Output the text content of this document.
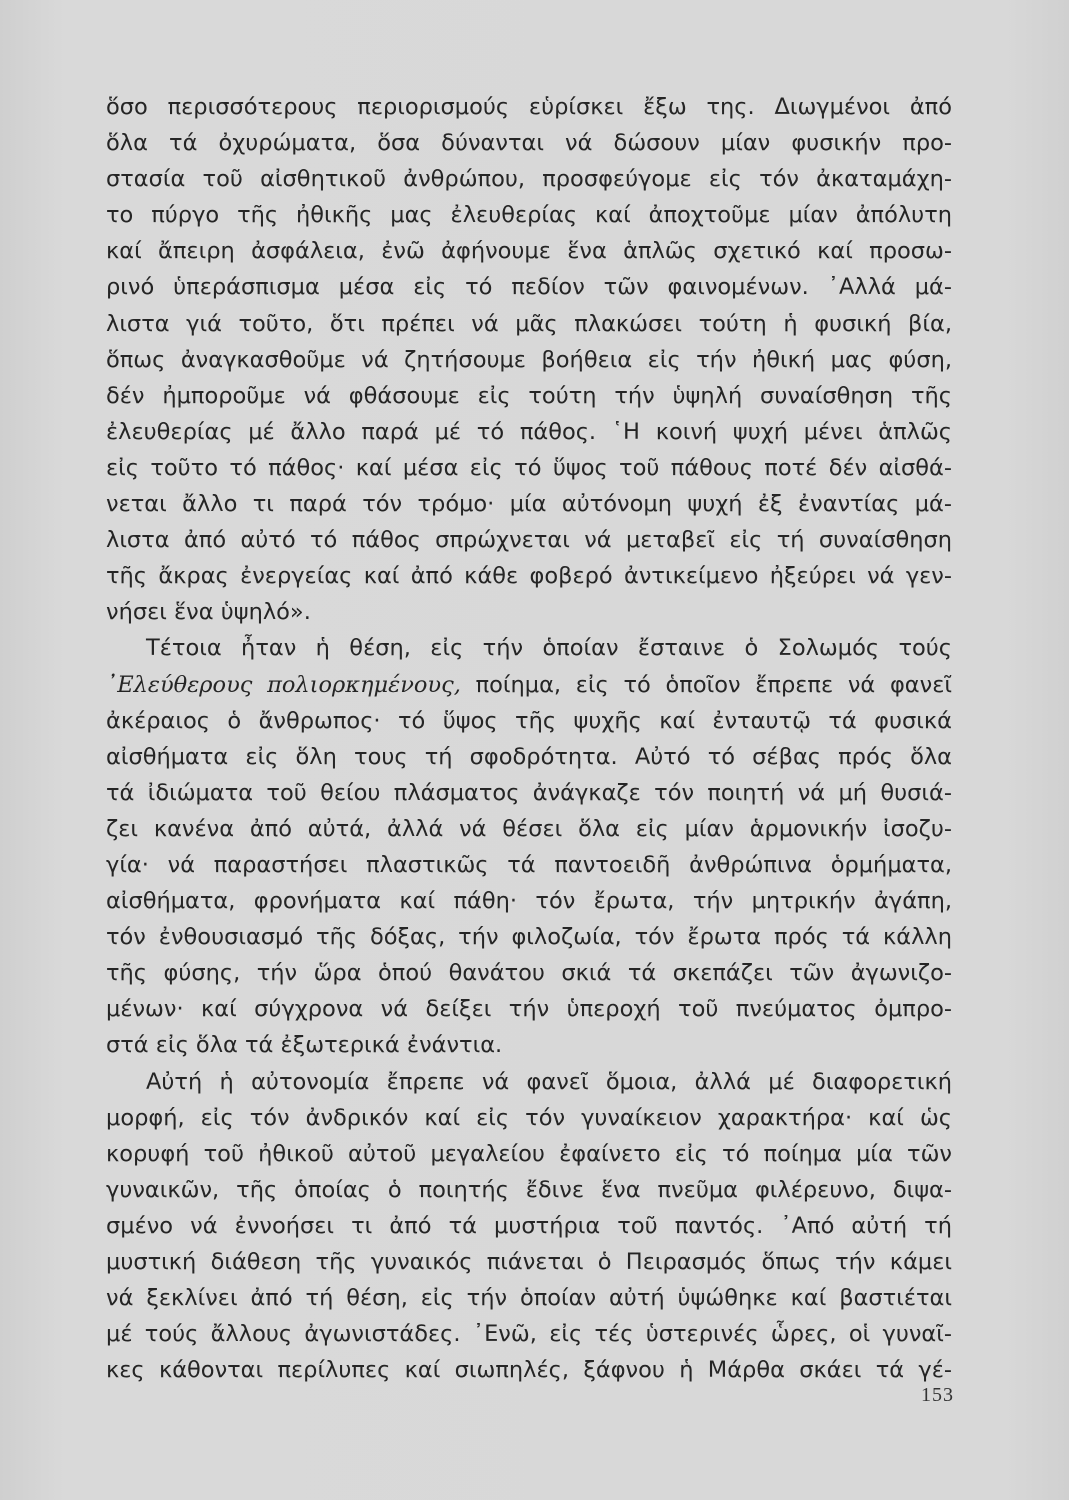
ὅσο περισσότερους περιορισμούς εὑρίσκει ἔξω της. Διωγμένοι ἀπό
ὅλα τά ὀχυρώματα, ὅσα δύνανται νά δώσουν μίαν φυσικήν προ-
στασία τοῦ αἰσθητικοῦ ἀνθρώπου, προσφεύγομε εἰς τόν ἀκαταμάχη-
το πύργο τῆς ἠθικῆς μας ἐλευθερίας καί ἀποχτοῦμε μίαν ἀπόλυτη
καί ἄπειρη ἀσφάλεια, ἐνῶ ἀφήνουμε ἕνα ἁπλῶς σχετικό καί προσω-
ρινό ὑπεράσπισμα μέσα εἰς τό πεδίον τῶν φαινομένων. ᾿Αλλά μά-
λιστα γιά τοῦτο, ὅτι πρέπει νά μᾶς πλακώσει τούτη ἡ φυσική βία,
ὅπως ἀναγκασθοῦμε νά ζητήσουμε βοήθεια εἰς τήν ἠθική μας φύση,
δέν ἠμποροῦμε νά φθάσουμε εἰς τούτη τήν ὑψηλή συναίσθηση τῆς
ἐλευθερίας μέ ἄλλο παρά μέ τό πάθος. ῾Η κοινή ψυχή μένει ἁπλῶς
εἰς τοῦτο τό πάθος· καί μέσα εἰς τό ὕψος τοῦ πάθους ποτέ δέν αἰσθά-
νεται ἄλλο τι παρά τόν τρόμο· μία αὐτόνομη ψυχή ἐξ ἐναντίας μά-
λιστα ἀπό αὐτό τό πάθος σπρώχνεται νά μεταβεῖ εἰς τή συναίσθηση
τῆς ἄκρας ἐνεργείας καί ἀπό κάθε φοβερό ἀντικείμενο ἠξεύρει νά γεν-
νήσει ἕνα ὑψηλό».
Τέτοια ἦταν ἡ θέση, εἰς τήν ὁποίαν ἔσταινε ὁ Σολωμός τούς
᾿Ελεύθερους πολιορκημένους, ποίημα, εἰς τό ὁποῖον ἔπρεπε νά φανεῖ
ἀκέραιος ὁ ἄνθρωπος· τό ὕψος τῆς ψυχῆς καί ἐνταυτῷ τά φυσικά
αἰσθήματα εἰς ὅλη τους τή σφοδρότητα. Αὐτό τό σέβας πρός ὅλα
τά ἰδιώματα τοῦ θείου πλάσματος ἀνάγκαζε τόν ποιητή νά μή θυσιά-
ζει κανένα ἀπό αὐτά, ἀλλά νά θέσει ὅλα εἰς μίαν ἁρμονικήν ἰσοζυ-
γία· νά παραστήσει πλαστικῶς τά παντοειδῆ ἀνθρώπινα ὁρμήματα,
αἰσθήματα, φρονήματα καί πάθη· τόν ἔρωτα, τήν μητρικήν ἀγάπη,
τόν ἐνθουσιασμό τῆς δόξας, τήν φιλοζωία, τόν ἔρωτα πρός τά κάλλη
τῆς φύσης, τήν ὥρα ὁπού θανάτου σκιά τά σκεπάζει τῶν ἀγωνιζο-
μένων· καί σύγχρονα νά δείξει τήν ὑπεροχή τοῦ πνεύματος ὀμπρο-
στά εἰς ὅλα τά ἐξωτερικά ἐνάντια.
Αὐτή ἡ αὐτονομία ἔπρεπε νά φανεῖ ὅμοια, ἀλλά μέ διαφορετική
μορφή, εἰς τόν ἀνδρικόν καί εἰς τόν γυναίκειον χαρακτήρα· καί ὡς
κορυφή τοῦ ἠθικοῦ αὐτοῦ μεγαλείου ἐφαίνετο εἰς τό ποίημα μία τῶν
γυναικῶν, τῆς ὁποίας ὁ ποιητής ἔδινε ἕνα πνεῦμα φιλέρευνο, διψα-
σμένο νά ἐννοήσει τι ἀπό τά μυστήρια τοῦ παντός. ᾿Από αὐτή τή
μυστική διάθεση τῆς γυναικός πιάνεται ὁ Πειρασμός ὅπως τήν κάμει
νά ξεκλίνει ἀπό τή θέση, εἰς τήν ὁποίαν αὐτή ὑψώθηκε καί βαστιέται
μέ τούς ἄλλους ἀγωνιστάδες. ᾿Ενῶ, εἰς τές ὑστερινές ὧρες, οἱ γυναῖ-
κες κάθονται περίλυπες καί σιωπηλές, ξάφνου ἡ Μάρθα σκάει τά γέ-
153
